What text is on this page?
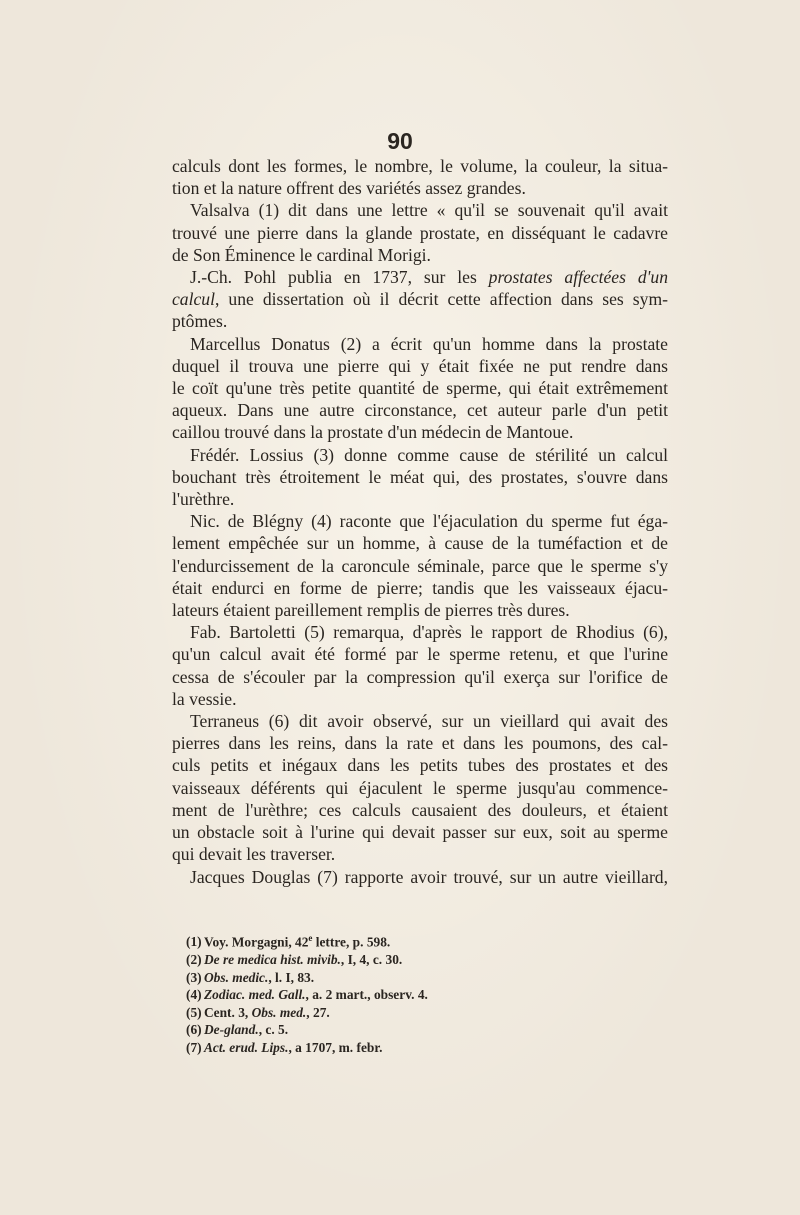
90

calculs dont les formes, le nombre, le volume, la couleur, la situa-
tion et la nature offrent des variétés assez grandes.

Valsalva (1) dit dans une lettre « qu'il se souvenait qu'il avait
trouvé une pierre dans la glande prostate, en disséquant le cadavre
de Son Éminence le cardinal Morigi.

J.-Ch. Pohl publia en 1737, sur les prostates affectées d'un
calcul, une dissertation où il décrit cette affection dans ses sym-
ptômes.

Marcellus Donatus (2) a écrit qu'un homme dans la prostate
duquel il trouva une pierre qui y était fixée ne put rendre dans
le coït qu'une très petite quantité de sperme, qui était extrêmement
aqueux. Dans une autre circonstance, cet auteur parle d'un petit
caillou trouvé dans la prostate d'un médecin de Mantoue.

Frédér. Lossius (3) donne comme cause de stérilité un calcul
bouchant très étroitement le méat qui, des prostates, s'ouvre dans
l'urèthre.

Nic. de Blégny (4) raconte que l'éjaculation du sperme fut éga-
lement empêchée sur un homme, à cause de la tuméfaction et de
l'endurcissement de la caroncule séminale, parce que le sperme s'y
était endurci en forme de pierre; tandis que les vaisseaux éjacu-
lateurs étaient pareillement remplis de pierres très dures.

Fab. Bartoletti (5) remarqua, d'après le rapport de Rhodius (6),
qu'un calcul avait été formé par le sperme retenu, et que l'urine
cessa de s'écouler par la compression qu'il exerça sur l'orifice de
la vessie.

Terraneus (6) dit avoir observé, sur un vieillard qui avait des
pierres dans les reins, dans la rate et dans les poumons, des cal-
culs petits et inégaux dans les petits tubes des prostates et des
vaisseaux déférents qui éjaculent le sperme jusqu'au commence-
ment de l'urèthre; ces calculs causaient des douleurs, et étaient
un obstacle soit à l'urine qui devait passer sur eux, soit au sperme
qui devait les traverser.

Jacques Douglas (7) rapporte avoir trouvé, sur un autre vieillard,

(1) Voy. Morgagni, 42e lettre, p. 598.
(2) De re medica hist. mivib., I, 4, c. 30.
(3) Obs. medic., l. I, 83.
(4) Zodiac. med. Gall., a. 2 mart., observ. 4.
(5) Cent. 3, Obs. med., 27.
(6) De-gland., c. 5.
(7) Act. erud. Lips., a 1707, m. febr.
